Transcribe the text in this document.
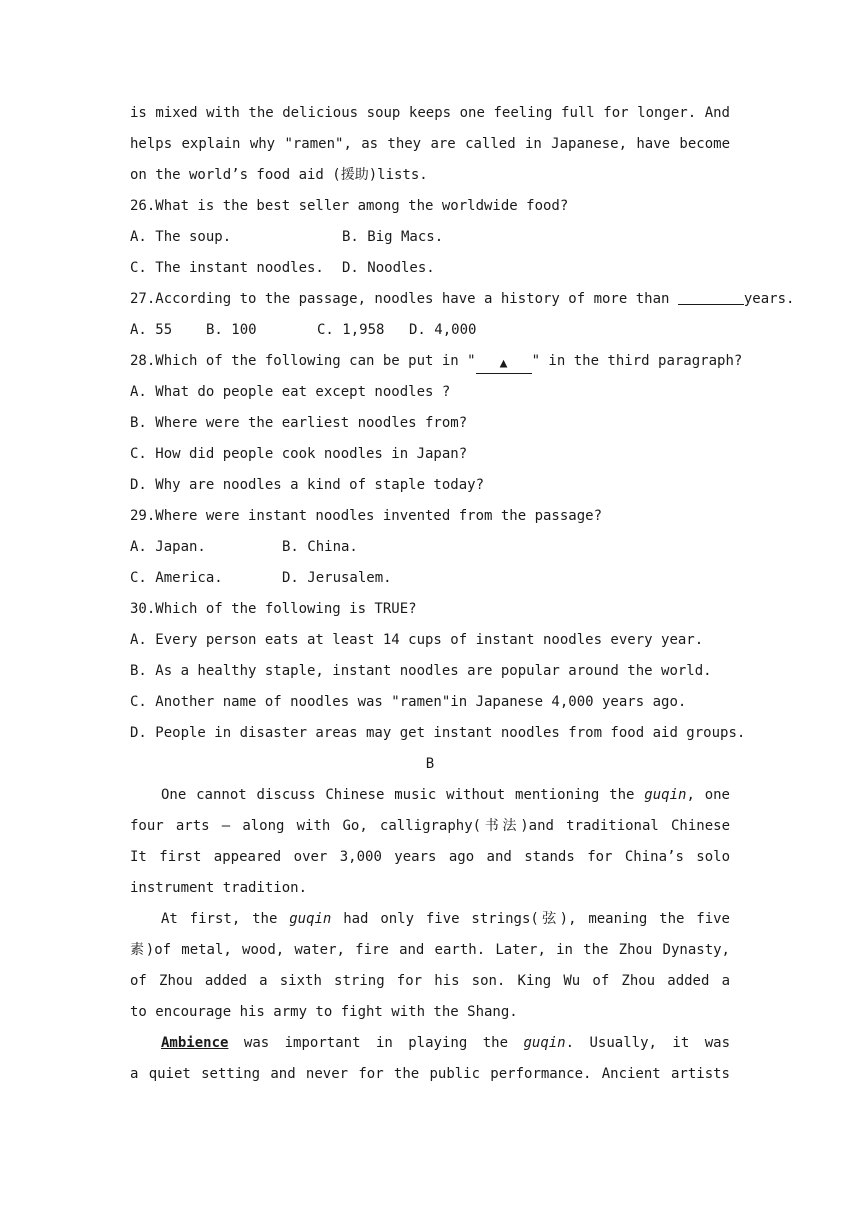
is mixed with the delicious soup keeps one feeling full for longer. And
helps explain why "ramen", as they are called in Japanese, have become
on the world’s food aid (援助)lists.
26.What is the best seller among the worldwide food?
A. The soup.	B. Big Macs.
C. The instant noodles. D. Noodles.
27.According to the passage, noodles have a history of more than	years.
A. 55 B. 100	C. 1,958 D. 4,000
28.Which of the following can be put in " ▲ " in the third paragraph?
A. What do people eat except noodles ?
B. Where were the earliest noodles from?
C. How did people cook noodles in Japan?
D. Why are noodles a kind of staple today?
29.Where were instant noodles invented from the passage?
A. Japan.	B. China.
C. America.	D. Jerusalem.
30.Which of the following is TRUE?
A. Every person eats at least 14 cups of instant noodles every year.
B. As a healthy staple, instant noodles are popular around the world.
C. Another name of noodles was "ramen"in Japanese 4,000 years ago.
D. People in disaster areas may get instant noodles from food aid groups.
B
One cannot discuss Chinese music without mentioning the guqin, one
four arts — along with Go, calligraphy(书法)and traditional Chinese
It first appeared over 3,000 years ago and stands for China’s solo
instrument tradition.
At first, the guqin had only five strings(弦), meaning the five
素)of metal, wood, water, fire and earth. Later, in the Zhou Dynasty,
of Zhou added a sixth string for his son. King Wu of Zhou added a
to encourage his army to fight with the Shang.
Ambience was important in playing the guqin. Usually, it was
a quiet setting and never for the public performance. Ancient artists
